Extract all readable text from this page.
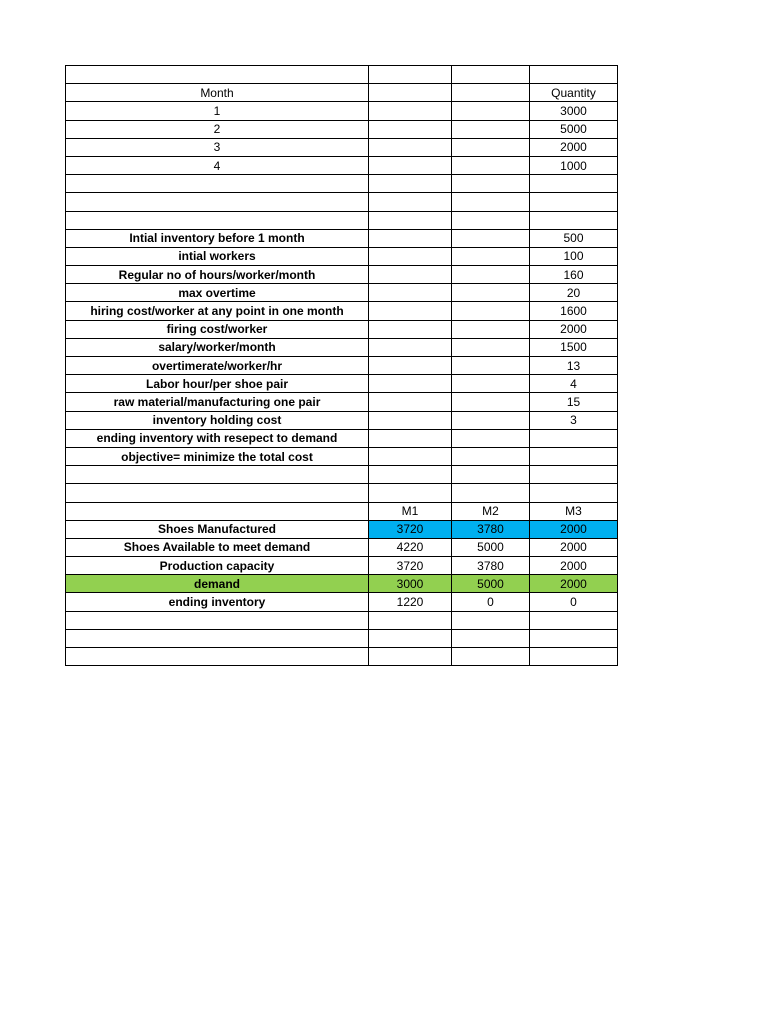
Month			Quantity
1			3000
2			5000
3			2000
4			1000

Intial inventory before 1 month			500
intial workers			100
Regular no of hours/worker/month			160
max overtime			20
hiring cost/worker at any point in one month			1600
firing cost/worker			2000
salary/worker/month			1500
overtimerate/worker/hr			13
Labor hour/per shoe pair			4
raw material/manufacturing one pair			15
inventory holding cost			3
ending inventory with resepect to demand			
objective= minimize the total cost			

	M1	M2	M3
Shoes Manufactured	3720	3780	2000
Shoes Available to meet demand	4220	5000	2000
Production capacity	3720	3780	2000
demand	3000	5000	2000
ending inventory	1220	0	0
